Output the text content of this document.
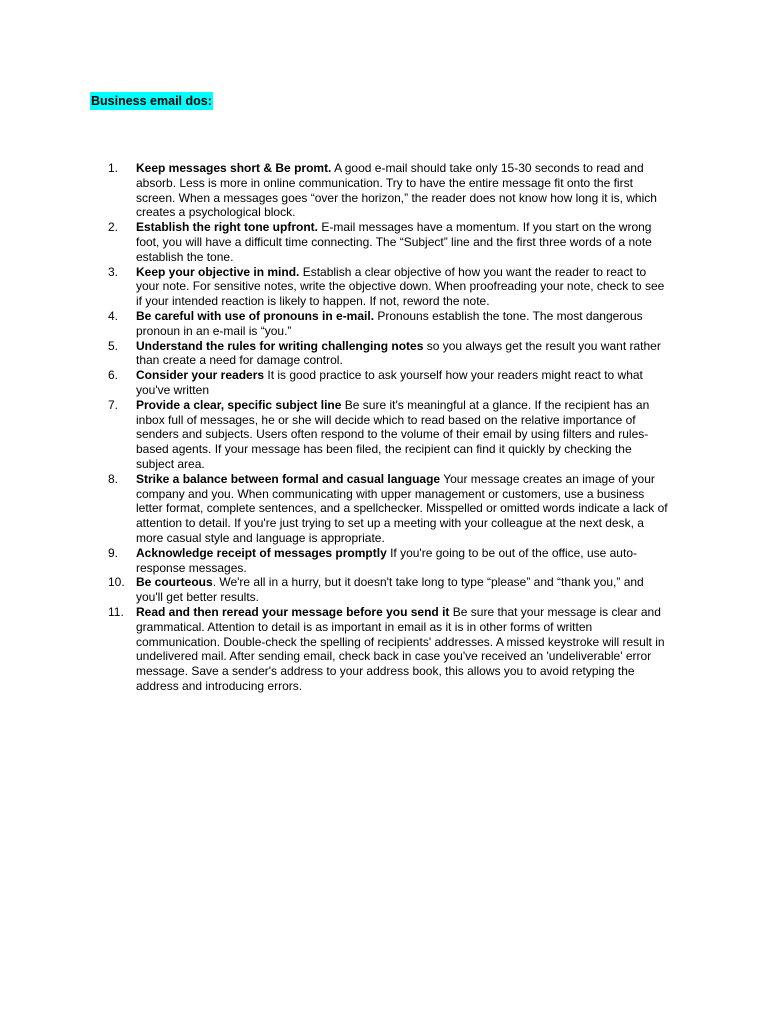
Business email dos:
1.	Keep messages short & Be promt. A good e-mail should take only 15-30 seconds to read and absorb. Less is more in online communication. Try to have the entire message fit onto the first screen. When a messages goes “over the horizon,” the reader does not know how long it is, which creates a psychological block.
2.	Establish the right tone upfront. E-mail messages have a momentum. If you start on the wrong foot, you will have a difficult time connecting. The “Subject” line and the first three words of a note establish the tone.
3.	Keep your objective in mind. Establish a clear objective of how you want the reader to react to your note. For sensitive notes, write the objective down. When proofreading your note, check to see if your intended reaction is likely to happen. If not, reword the note.
4.	Be careful with use of pronouns in e-mail. Pronouns establish the tone. The most dangerous pronoun in an e-mail is “you.”
5.	Understand the rules for writing challenging notes so you always get the result you want rather than create a need for damage control.
6.	Consider your readers It is good practice to ask yourself how your readers might react to what you've written
7.	Provide a clear, specific subject line Be sure it's meaningful at a glance. If the recipient has an inbox full of messages, he or she will decide which to read based on the relative importance of senders and subjects. Users often respond to the volume of their email by using filters and rules-based agents. If your message has been filed, the recipient can find it quickly by checking the subject area.
8.	Strike a balance between formal and casual language Your message creates an image of your company and you. When communicating with upper management or customers, use a business letter format, complete sentences, and a spellchecker. Misspelled or omitted words indicate a lack of attention to detail. If you're just trying to set up a meeting with your colleague at the next desk, a more casual style and language is appropriate.
9.	Acknowledge receipt of messages promptly If you're going to be out of the office, use auto-response messages.
10. Be courteous. We're all in a hurry, but it doesn't take long to type “please” and “thank you,” and you'll get better results.
11.	Read and then reread your message before you send it Be sure that your message is clear and grammatical. Attention to detail is as important in email as it is in other forms of written communication. Double-check the spelling of recipients' addresses. A missed keystroke will result in undelivered mail. After sending email, check back in case you've received an 'undeliverable' error message. Save a sender's address to your address book, this allows you to avoid retyping the address and introducing errors.
